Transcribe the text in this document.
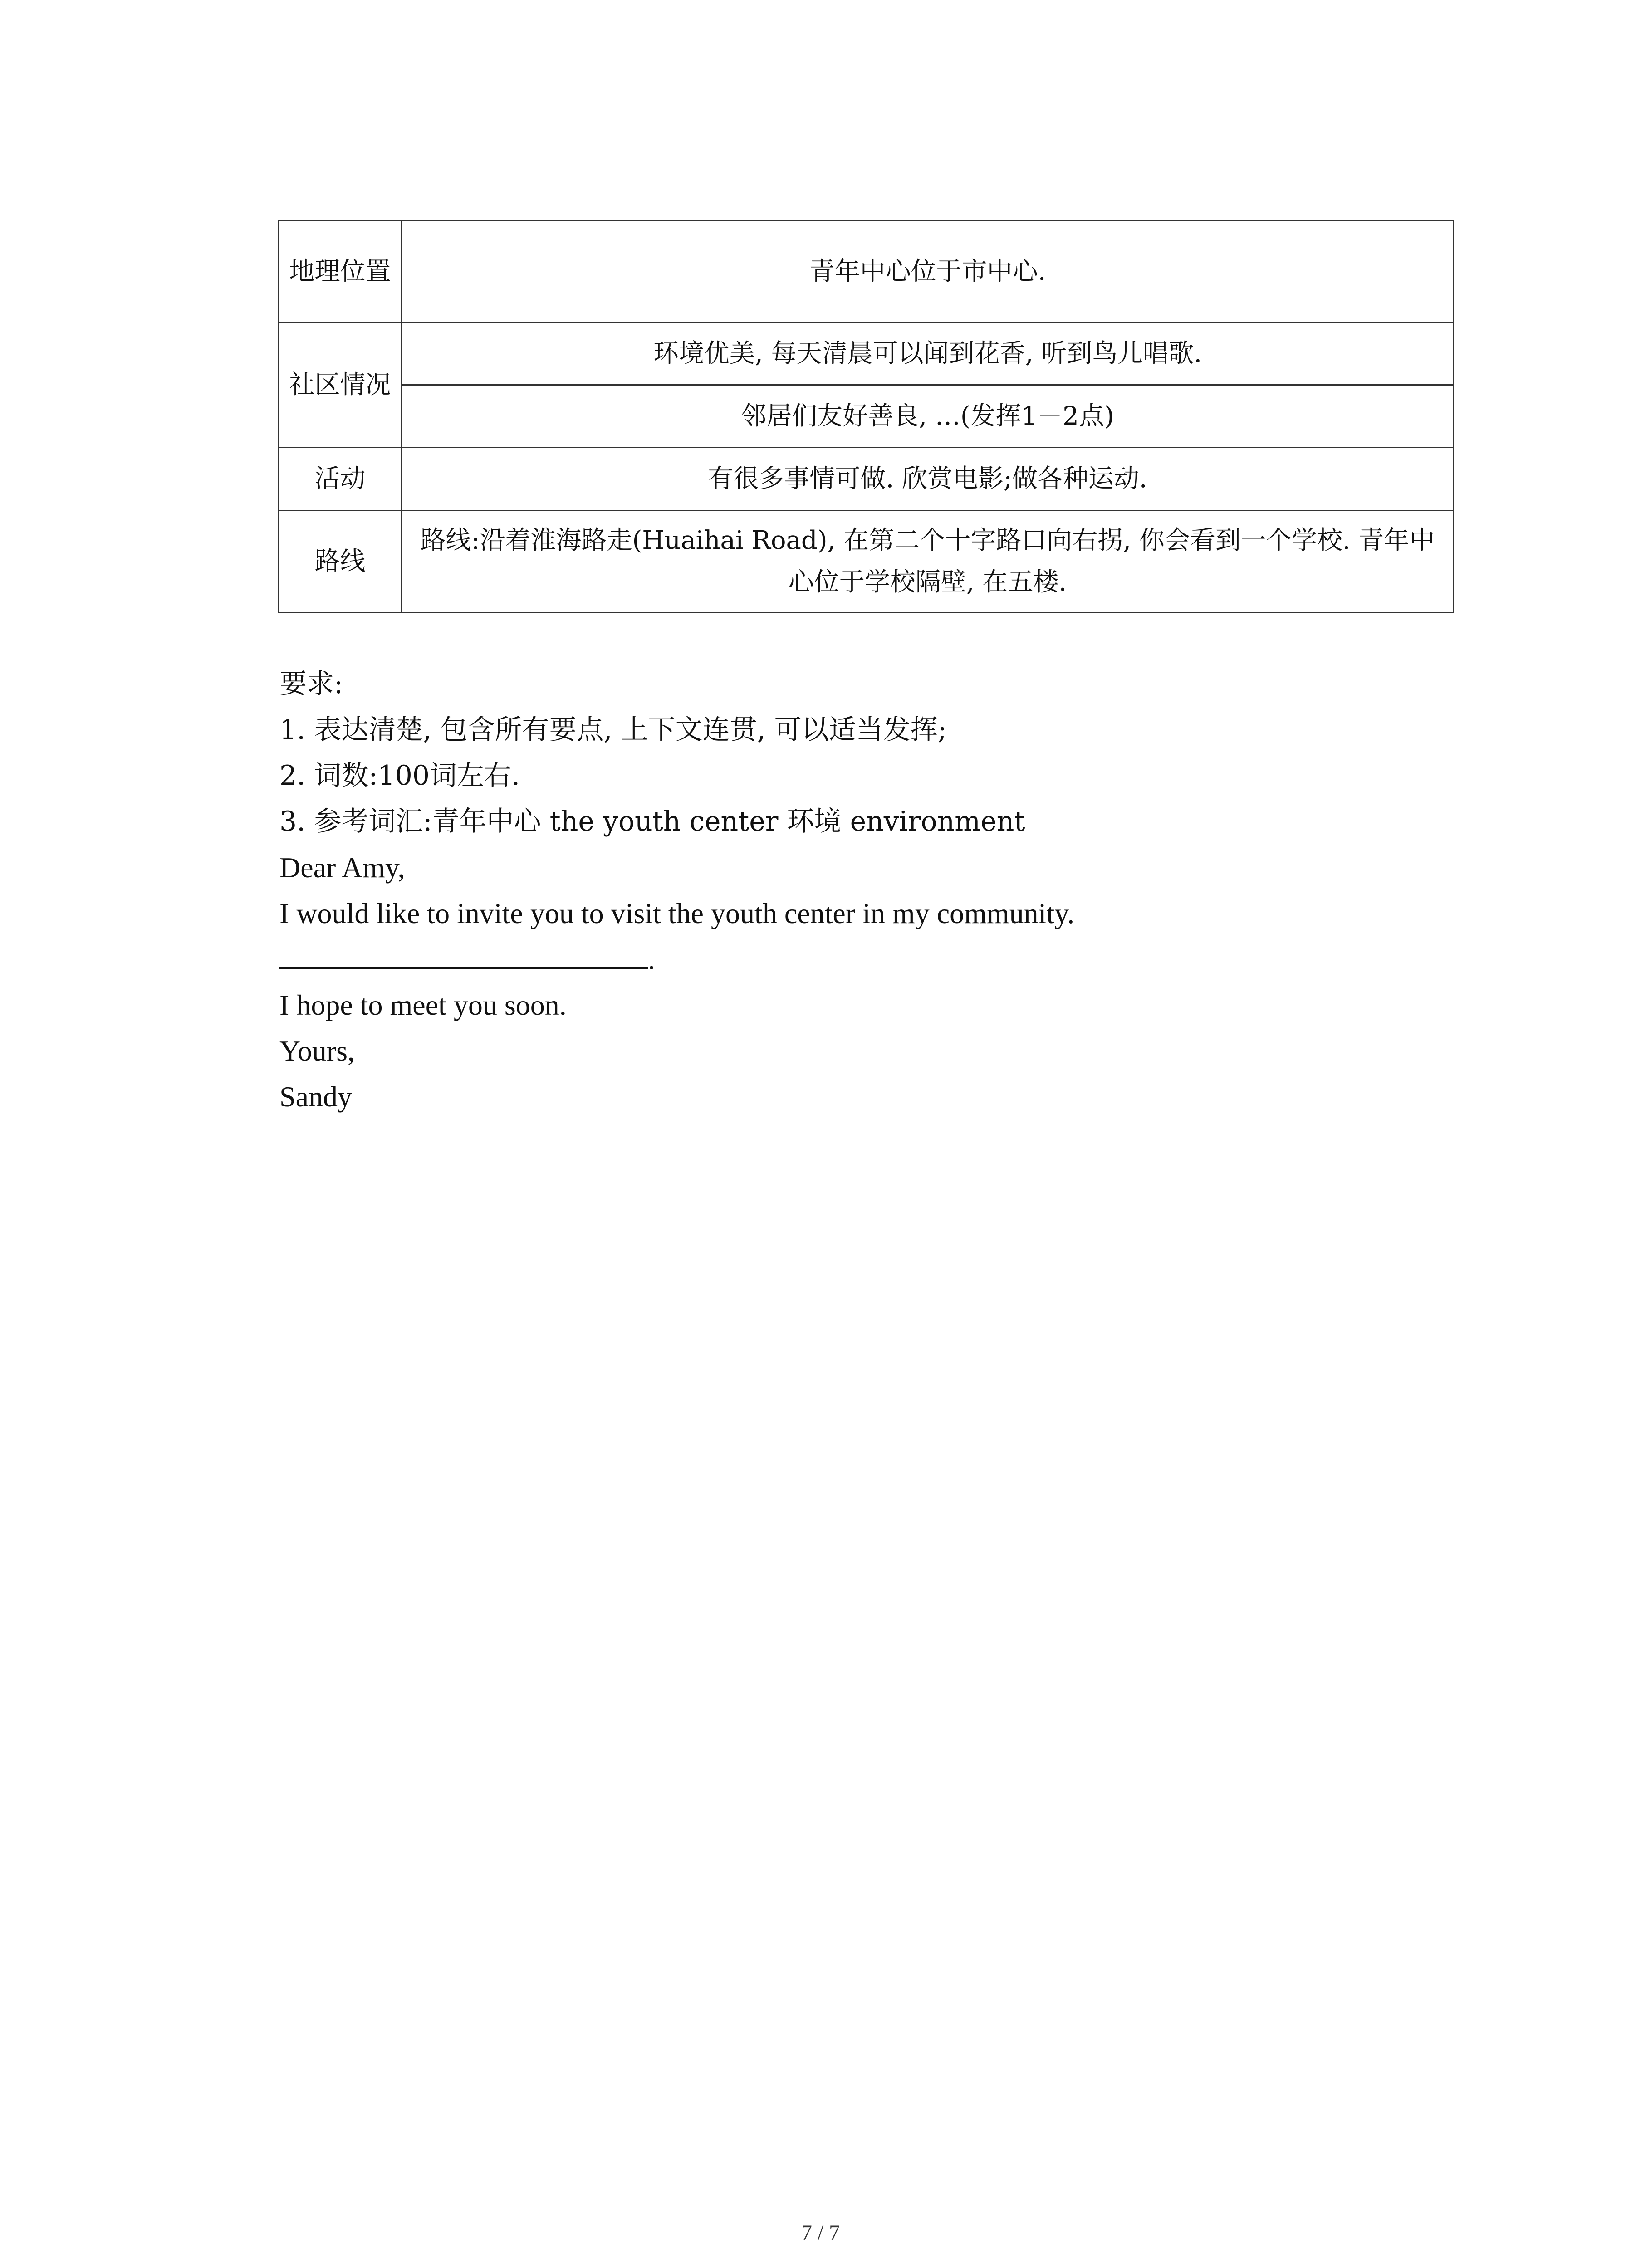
地理位置	青年中心位于市中心.
社区情况	环境优美, 每天清晨可以闻到花香, 听到鸟儿唱歌.
	邻居们友好善良, …(发挥1－2点)
活动	有很多事情可做. 欣赏电影;做各种运动.
路线	路线:沿着淮海路走(Huaihai Road), 在第二个十字路口向右拐, 你会看到一个学校. 青年中心位于学校隔壁, 在五楼.
要求:
1. 表达清楚, 包含所有要点, 上下文连贯, 可以适当发挥;
2. 词数:100词左右.
3. 参考词汇:青年中心 the youth center 环境 environment
Dear Amy,
I would like to invite you to visit the youth center in my community.
.
I hope to meet you soon.
Yours,
Sandy
7 / 7
